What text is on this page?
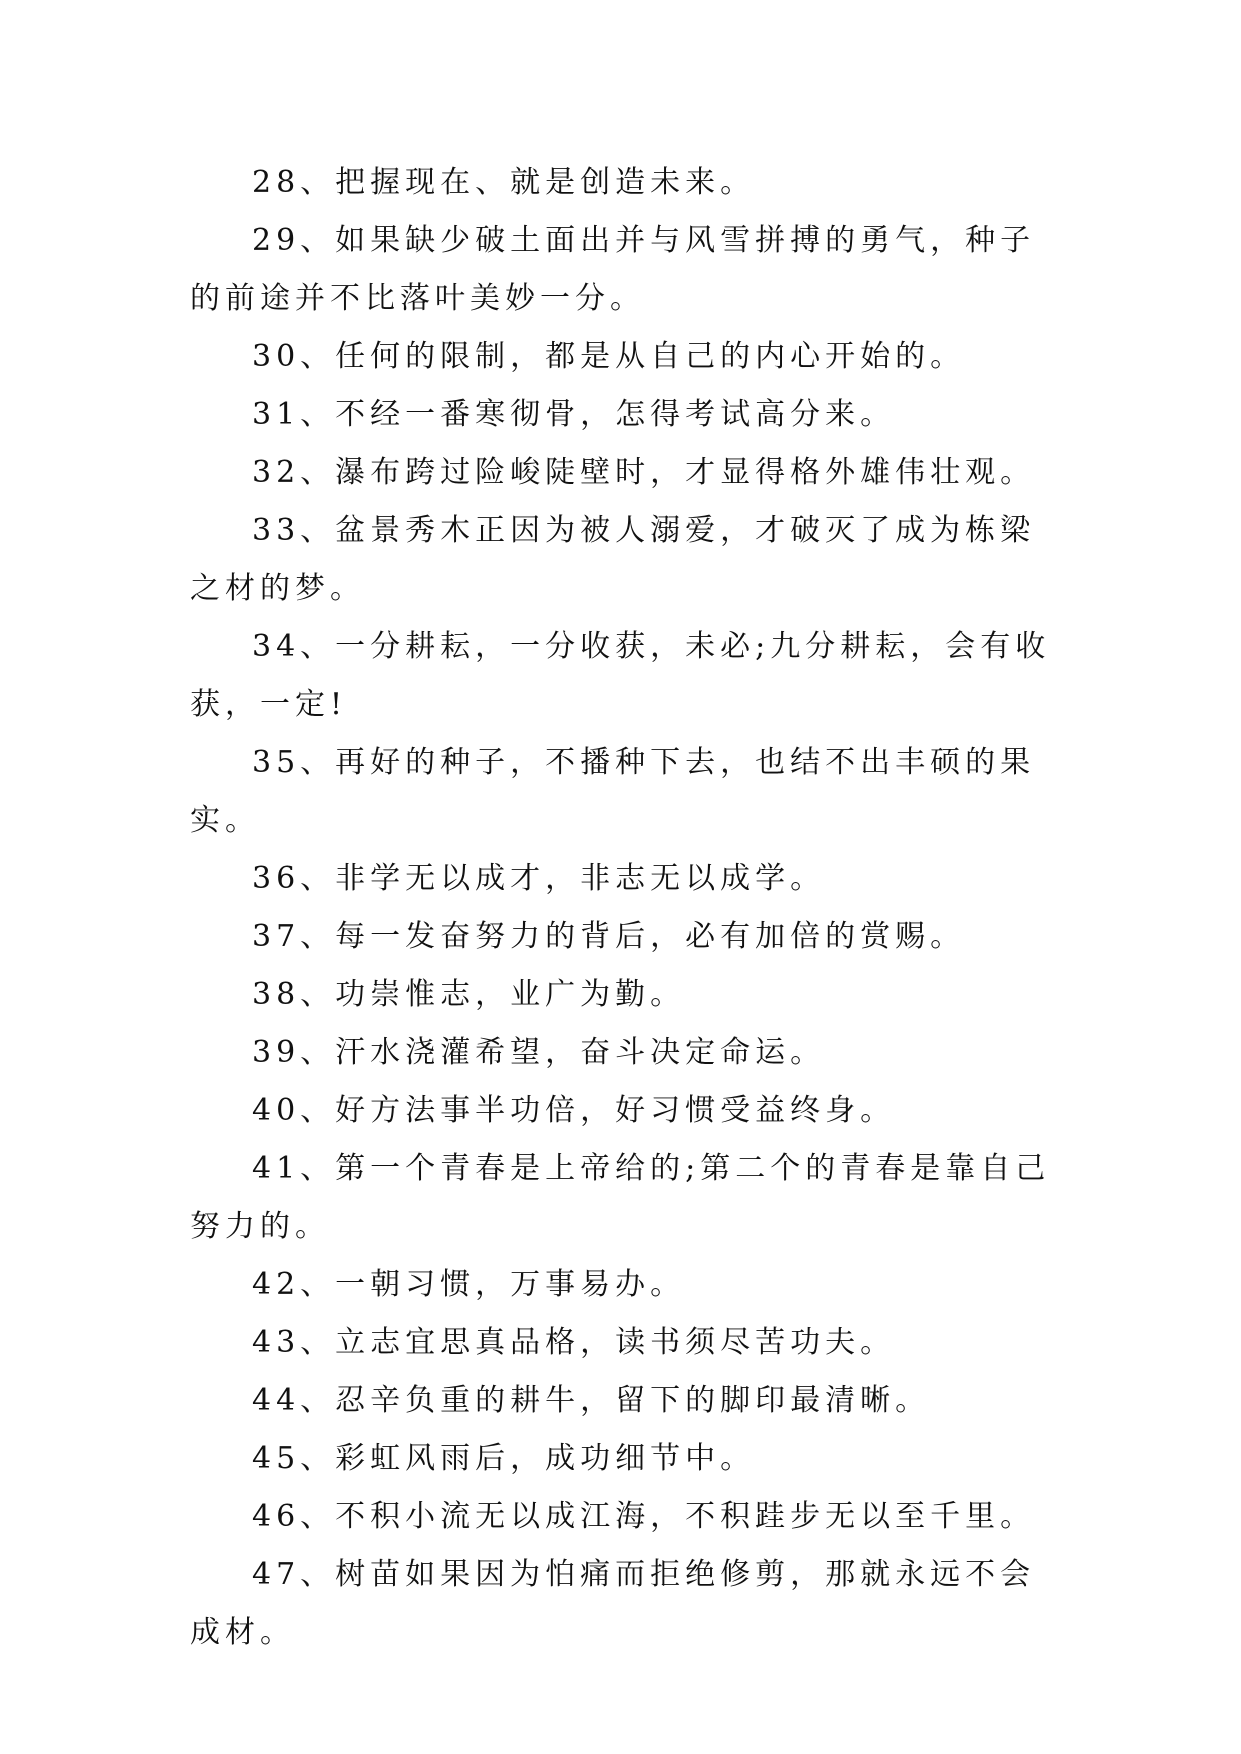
28、把握现在、就是创造未来。

29、如果缺少破土面出并与风雪拼搏的勇气，种子的前途并不比落叶美妙一分。

30、任何的限制，都是从自己的内心开始的。

31、不经一番寒彻骨，怎得考试高分来。

32、瀑布跨过险峻陡壁时，才显得格外雄伟壮观。

33、盆景秀木正因为被人溺爱，才破灭了成为栋梁之材的梦。

34、一分耕耘，一分收获，未必;九分耕耘，会有收获，一定!

35、再好的种子，不播种下去，也结不出丰硕的果实。

36、非学无以成才，非志无以成学。

37、每一发奋努力的背后，必有加倍的赏赐。

38、功崇惟志，业广为勤。

39、汗水浇灌希望，奋斗决定命运。

40、好方法事半功倍，好习惯受益终身。

41、第一个青春是上帝给的;第二个的青春是靠自己努力的。

42、一朝习惯，万事易办。

43、立志宜思真品格，读书须尽苦功夫。

44、忍辛负重的耕牛，留下的脚印最清晰。

45、彩虹风雨后，成功细节中。

46、不积小流无以成江海，不积跬步无以至千里。

47、树苗如果因为怕痛而拒绝修剪，那就永远不会成材。
